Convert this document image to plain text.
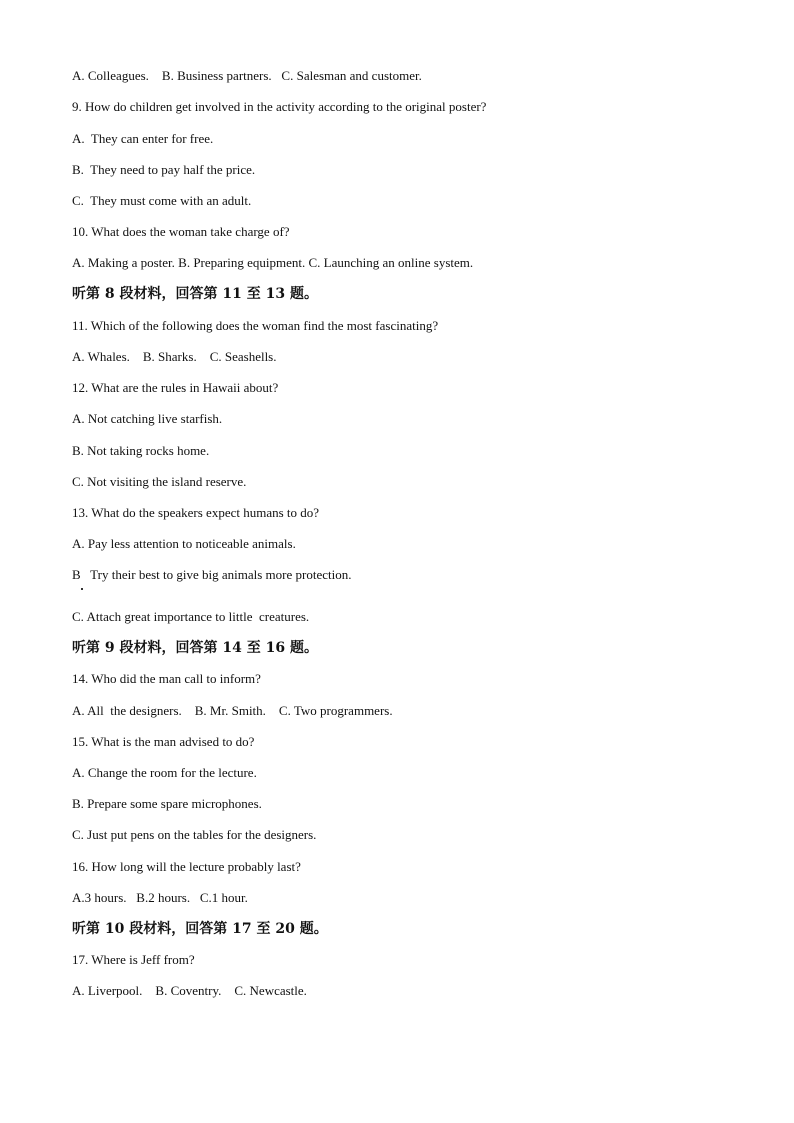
A. Colleagues.    B. Business partners.   C. Salesman and customer.
9. How do children get involved in the activity according to the original poster?
A.  They can enter for free.
B.  They need to pay half the price.
C.  They must come with an adult.
10. What does the woman take charge of?
A. Making a poster. B. Preparing equipment. C. Launching an online system.
听第 8 段材料，回答第 11 至 13 题。
11. Which of the following does the woman find the most fascinating?
A. Whales.    B. Sharks.    C. Seashells.
12. What are the rules in Hawaii about?
A. Not catching live starfish.
B. Not taking rocks home.
C. Not visiting the island reserve.
13. What do the speakers expect humans to do?
A. Pay less attention to noticeable animals.
B   Try their best to give big animals more protection.
C. Attach great importance to little  creatures.
听第 9 段材料，回答第 14 至 16 题。
14. Who did the man call to inform?
A. All  the designers.    B. Mr. Smith.    C. Two programmers.
15. What is the man advised to do?
A. Change the room for the lecture.
B. Prepare some spare microphones.
C. Just put pens on the tables for the designers.
16. How long will the lecture probably last?
A.3 hours.   B.2 hours.   C.1 hour.
听第 10 段材料，回答第 17 至 20 题。
17. Where is Jeff from?
A. Liverpool.    B. Coventry.    C. Newcastle.
